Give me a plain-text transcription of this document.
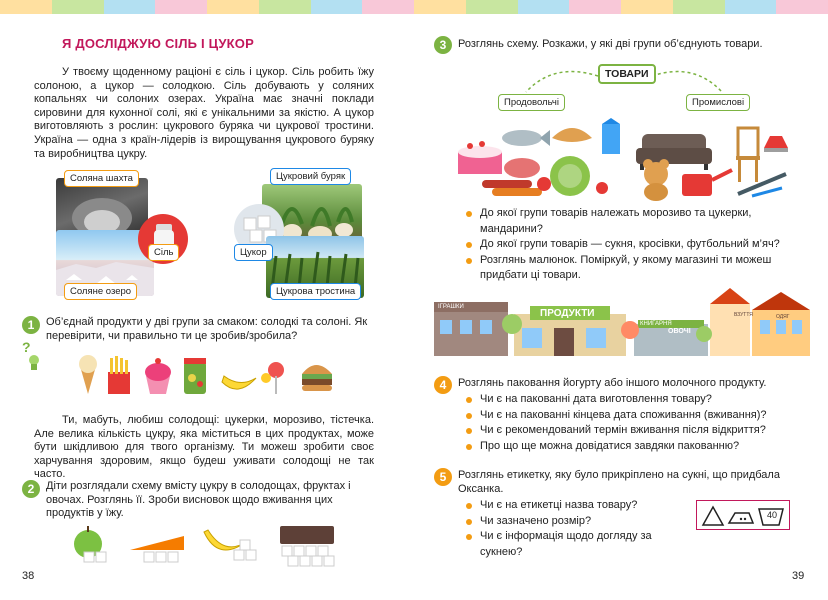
Я ДОСЛІДЖУЮ СІЛЬ І ЦУКОР
У твоєму щоденному раціоні є сіль і цукор. Сіль робить їжу солоною, а цукор — солодкою. Сіль добувають у соляних копальнях чи солоних озерах. Україна має значні поклади сировини для кухонної солі, які є унікальними за якістю. А цукор виготовляють з рослин: цукрового буряка чи цукрової тростини. Україна — одна з країн-лідерів із вирощування цукрового буряку та виробництва цукру.
Соляна шахта
Сіль
Соляне озеро
Цукровий буряк
Цукор
Цукрова тростина
1	Об’єднай продукти у дві групи за смаком: солодкі та солоні. Як перевірити, чи правильно ти це зробив/зробила?
?
Ти, мабуть, любиш солодощі: цукерки, морозиво, тістечка. Але велика кількість цукру, яка міститься в цих продуктах, може бути шкідливою для твого організму. Ти можеш зробити своє харчування здоровим, якщо будеш уживати солодощі не так часто.
2	Діти розглядали схему вмісту цукру в солодощах, фруктах і овочах. Розглянь її. Зроби висновок щодо вживання цих продуктів у їжу.
38
3	Розглянь схему. Розкажи, у які дві групи об’єднують товари.
ТОВАРИ
Продовольчі	Промислові
До якої групи товарів належать морозиво та цукерки, мандарини?
До якої групи товарів — сукня, кросівки, футбольний м’яч?
Розглянь малюнок. Поміркуй, у якому магазині ти можеш придбати ці товари.
ІГРАШКИ
ПРОДУКТИ
КНИГАРНЯ
ОВОЧІ
ВЗУТТЯ	ОДЯГ
4	Розглянь паковання йогурту або іншого молочного продукту.
Чи є на пакованні дата виготовлення товару?
Чи є на пакованні кінцева дата споживання (вживання)?
Чи є рекомендований термін вживання після відкриття?
Про що ще можна довідатися завдяки пакованню?
5	Розглянь етикетку, яку було прикріплено на сукні, що придбала Оксанка.
Чи є на етикетці назва товару?
Чи зазначено розмір?
Чи є інформація щодо догляду за сукнею?
40
39
